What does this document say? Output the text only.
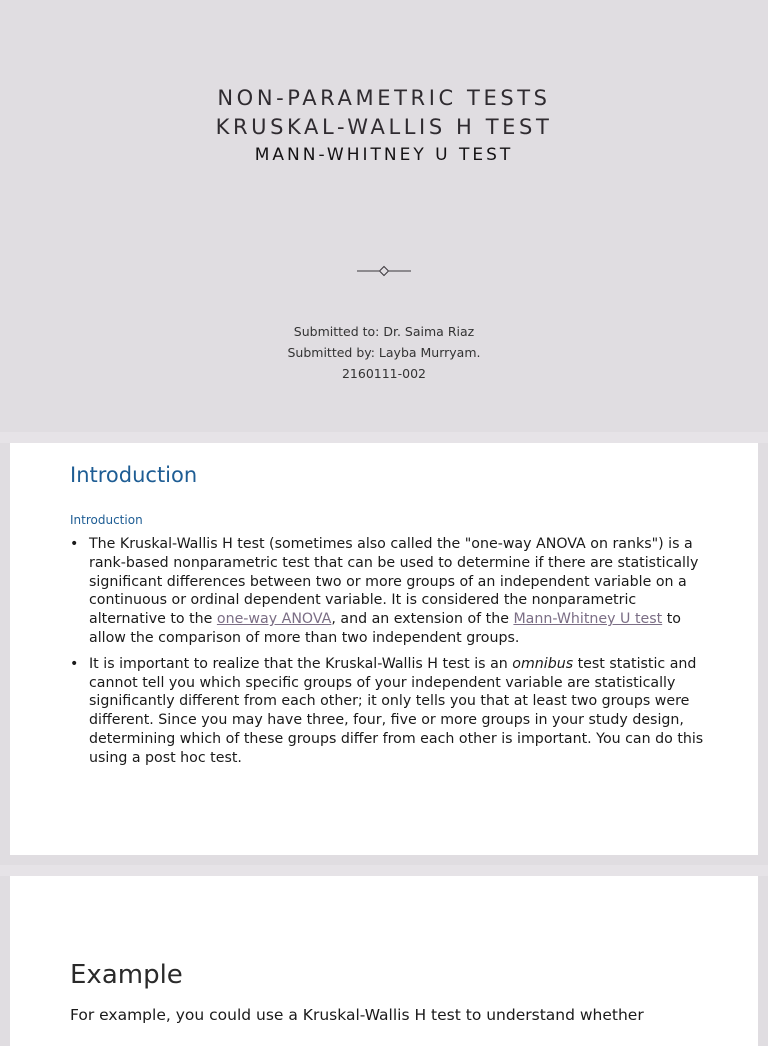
NON-PARAMETRIC TESTS
KRUSKAL-WALLIS H TEST
MANN-WHITNEY U TEST
Submitted to: Dr. Saima Riaz
Submitted by: Layba Murryam.
2160111-002
Introduction
Introduction
• The Kruskal-Wallis H test (sometimes also called the "one-way ANOVA on ranks") is a rank-based nonparametric test that can be used to determine if there are statistically significant differences between two or more groups of an independent variable on a continuous or ordinal dependent variable. It is considered the nonparametric alternative to the one-way ANOVA, and an extension of the Mann-Whitney U test to allow the comparison of more than two independent groups.
• It is important to realize that the Kruskal-Wallis H test is an omnibus test statistic and cannot tell you which specific groups of your independent variable are statistically significantly different from each other; it only tells you that at least two groups were different. Since you may have three, four, five or more groups in your study design, determining which of these groups differ from each other is important. You can do this using a post hoc test.
Example
For example, you could use a Kruskal-Wallis H test to understand whether
